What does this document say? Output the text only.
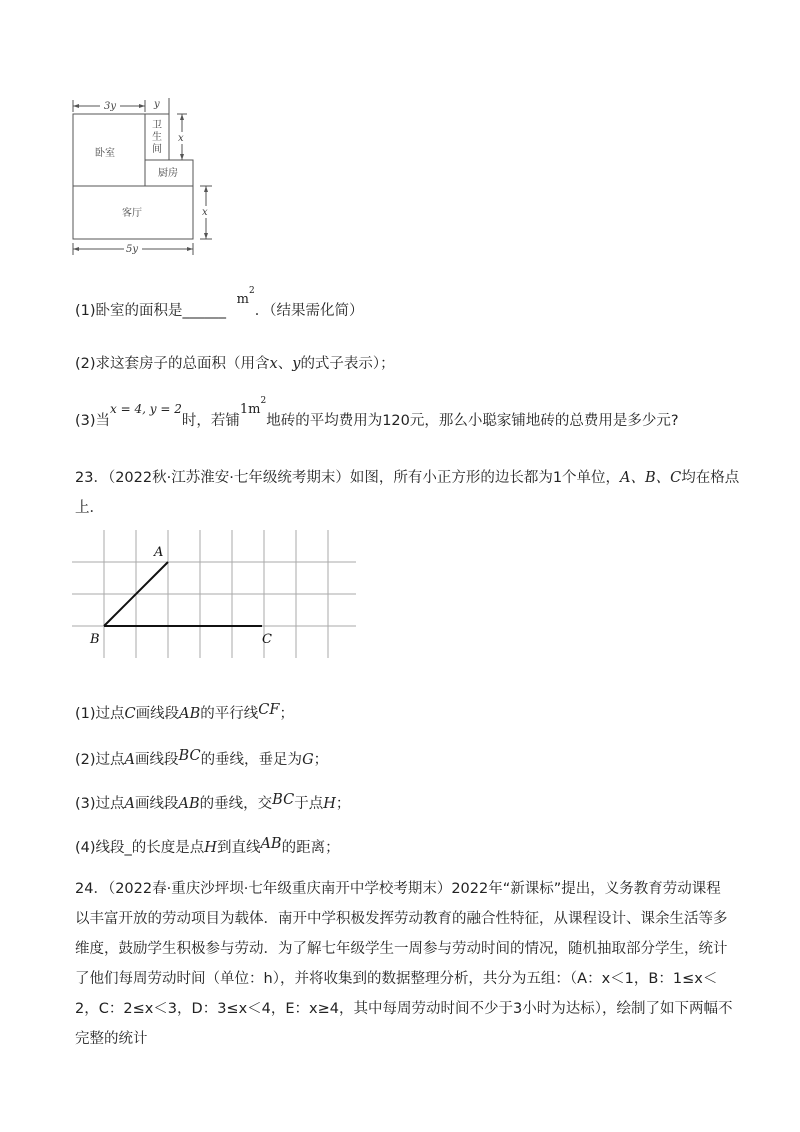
3y	y
x
x
5y
卧室
卫
生
间
厨房
客厅
(1)卧室的面积是______ $m^2$．（结果需化简）
(2)求这套房子的总面积（用含x、y的式子表示）；
(3)当$^{x = 4, y = 2}$时，若铺$1m^2$地砖的平均费用为120元，那么小聪家铺地砖的总费用是多少元?
23．（2022秋·江苏淮安·七年级统考期末）如图，所有小正方形的边长都为1个单位，A、B、C均在格点
上．
A
B	C
(1)过点C画线段AB的平行线CF；
(2)过点A画线段BC的垂线，垂足为G；
(3)过点A画线段AB的垂线，交BC于点H；
(4)线段_的长度是点H到直线AB的距离；
24．（2022春·重庆沙坪坝·七年级重庆南开中学校考期末）2022年“新课标”提出，义务教育劳动课程以丰富开放的劳动项目为载体．南开中学积极发挥劳动教育的融合性特征，从课程设计、课余生活等多维度，鼓励学生积极参与劳动．为了解七年级学生一周参与劳动时间的情况，随机抽取部分学生，统计了他们每周劳动时间（单位：h），并将收集到的数据整理分析，共分为五组：（A：x＜1，B：1≤x＜2，C：2≤x＜3，D：3≤x＜4，E：x≥4，其中每周劳动时间不少于3小时为达标），绘制了如下两幅不完整的统计
